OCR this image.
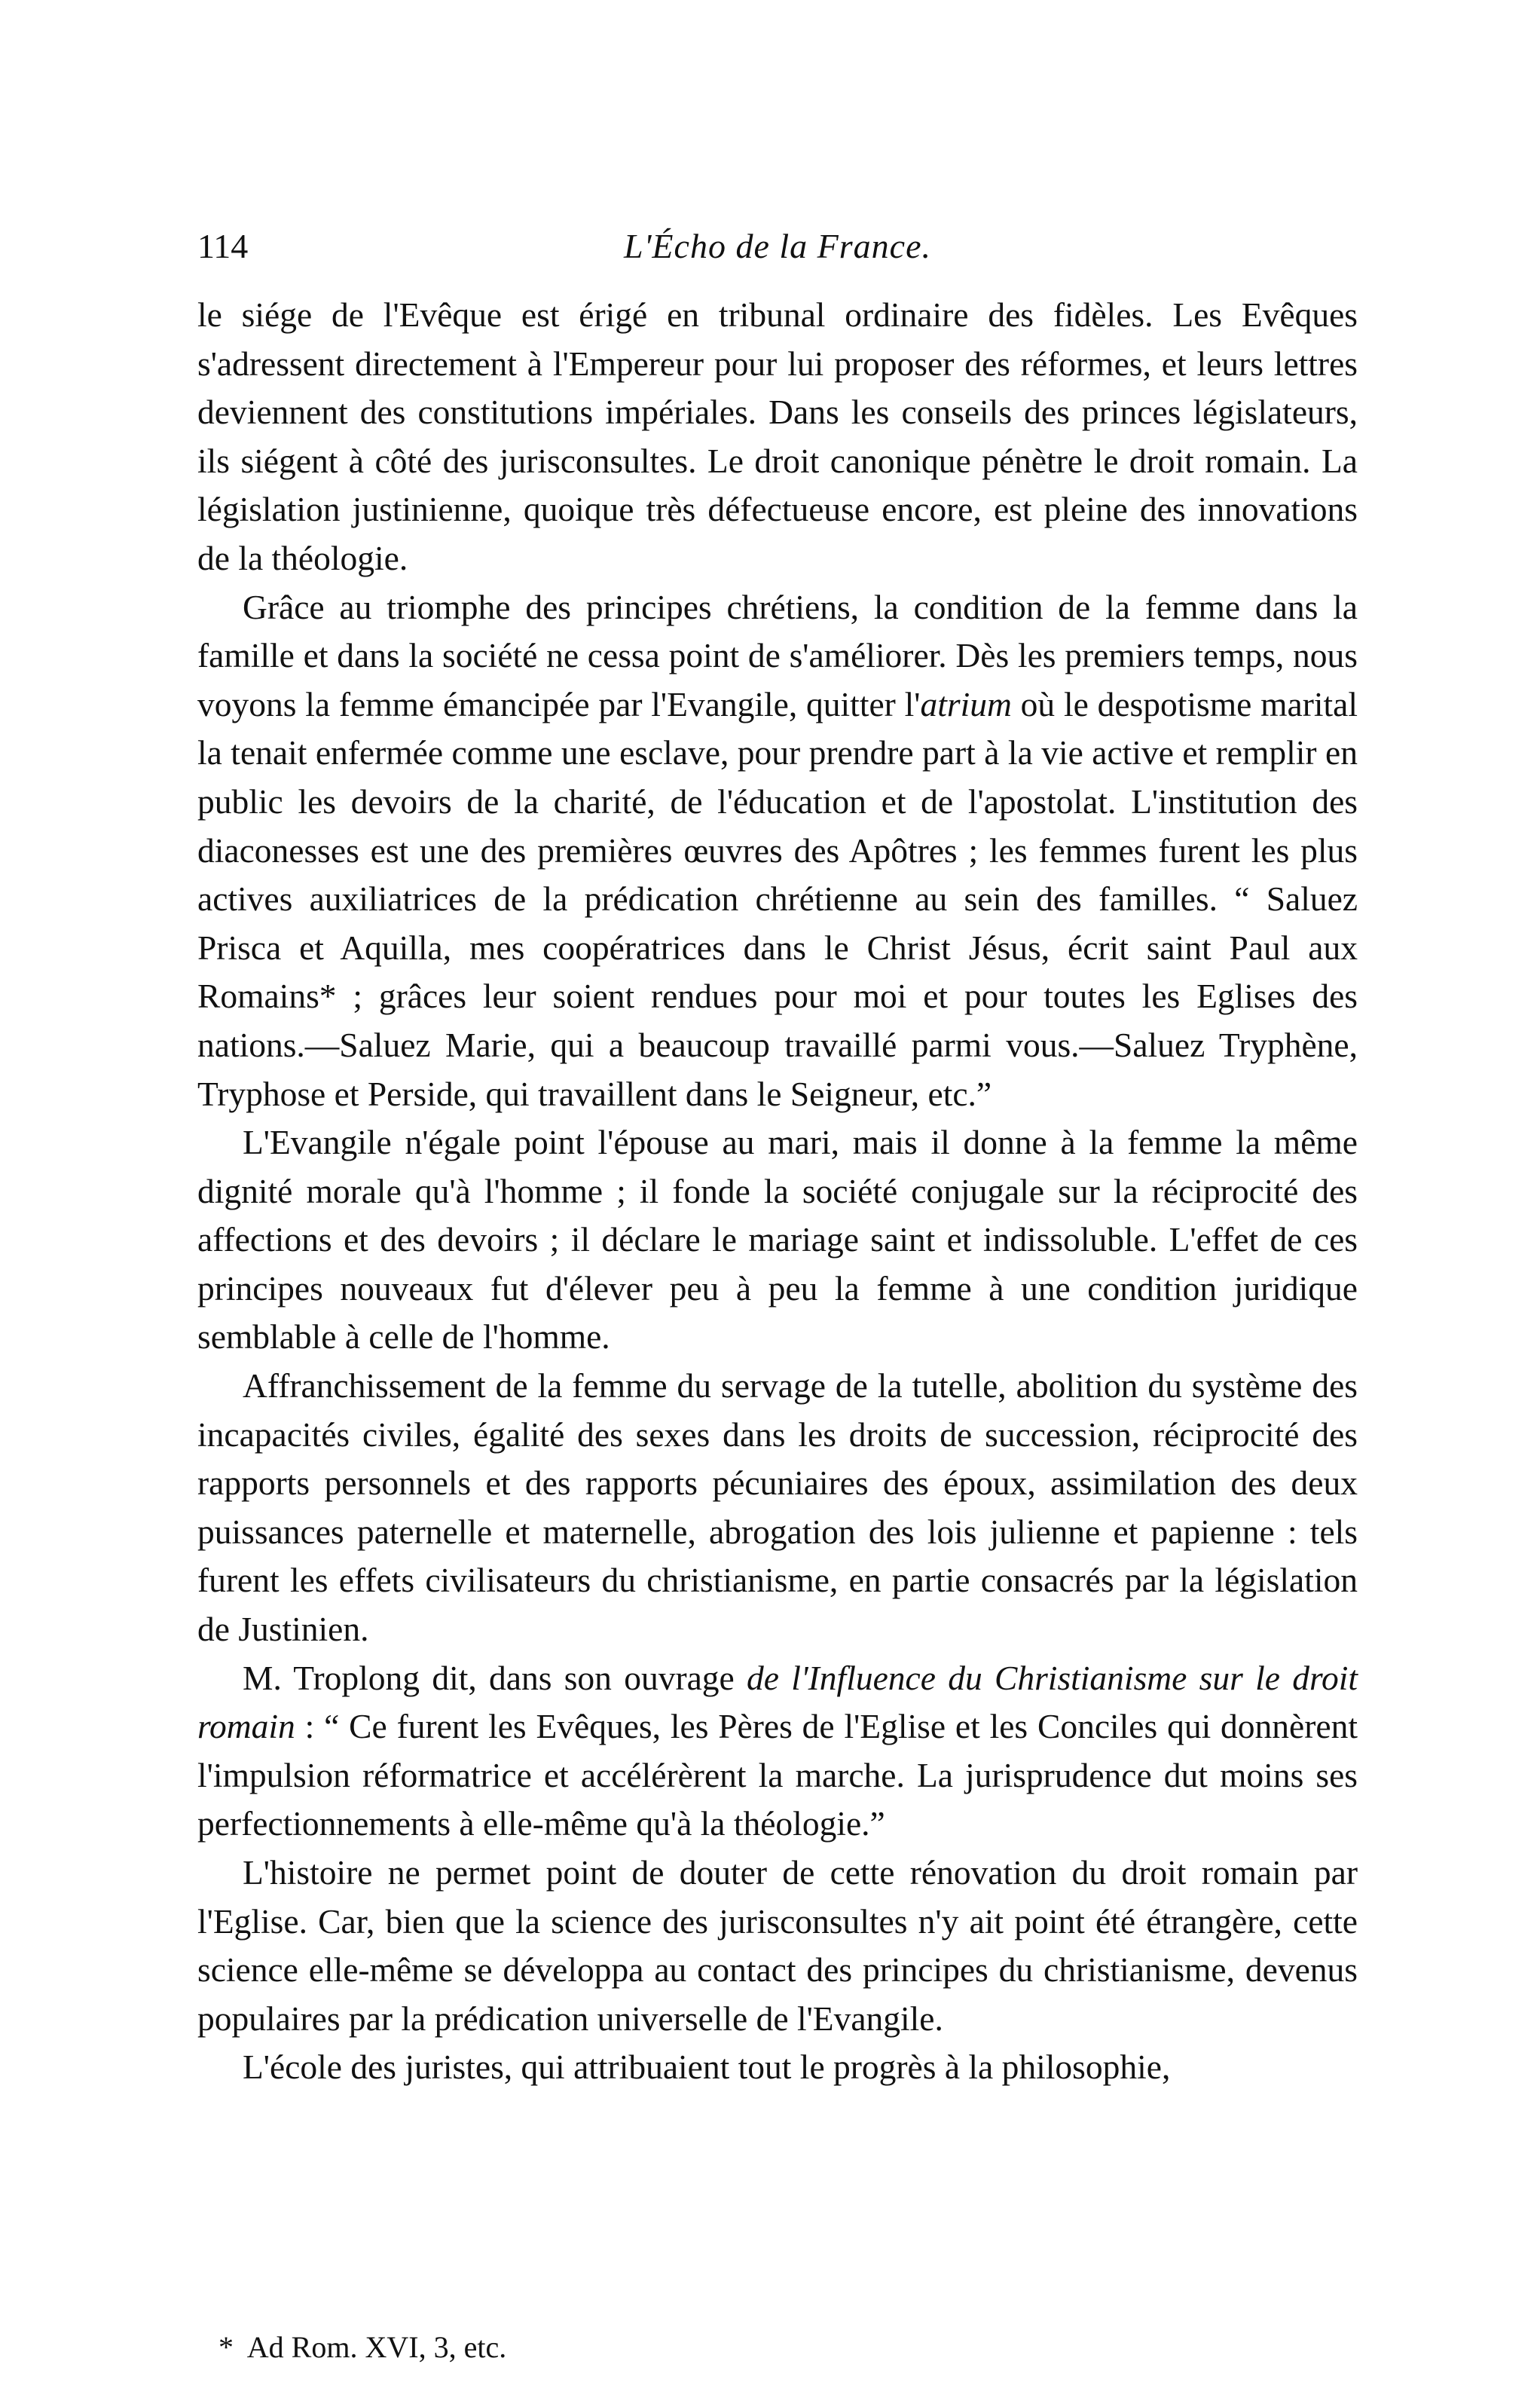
114	L'Écho de la France.

le siége de l'Evêque est érigé en tribunal ordinaire des fidèles. Les Evêques s'adressent directement à l'Empereur pour lui proposer des réformes, et leurs lettres deviennent des constitutions impériales. Dans les conseils des princes législateurs, ils siégent à côté des jurisconsultes. Le droit canonique pénètre le droit romain. La législation justinienne, quoique très défectueuse encore, est pleine des innovations de la théologie.

Grâce au triomphe des principes chrétiens, la condition de la femme dans la famille et dans la société ne cessa point de s'améliorer. Dès les premiers temps, nous voyons la femme émancipée par l'Evangile, quitter l'atrium où le despotisme marital la tenait enfermée comme une esclave, pour prendre part à la vie active et remplir en public les devoirs de la charité, de l'éducation et de l'apostolat. L'institution des diaconesses est une des premières œuvres des Apôtres ; les femmes furent les plus actives auxiliatrices de la prédication chrétienne au sein des familles. “ Saluez Prisca et Aquilla, mes coopératrices dans le Christ Jésus, écrit saint Paul aux Romains* ; grâces leur soient rendues pour moi et pour toutes les Eglises des nations.—Saluez Marie, qui a beaucoup travaillé parmi vous.—Saluez Tryphène, Tryphose et Perside, qui travaillent dans le Seigneur, etc.”

L'Evangile n'égale point l'épouse au mari, mais il donne à la femme la même dignité morale qu'à l'homme ; il fonde la société conjugale sur la réciprocité des affections et des devoirs ; il déclare le mariage saint et indissoluble. L'effet de ces principes nouveaux fut d'élever peu à peu la femme à une condition juridique semblable à celle de l'homme.

Affranchissement de la femme du servage de la tutelle, abolition du système des incapacités civiles, égalité des sexes dans les droits de succession, réciprocité des rapports personnels et des rapports pécuniaires des époux, assimilation des deux puissances paternelle et maternelle, abrogation des lois julienne et papienne : tels furent les effets civilisateurs du christianisme, en partie consacrés par la législation de Justinien.

M. Troplong dit, dans son ouvrage de l'Influence du Christianisme sur le droit romain : “ Ce furent les Evêques, les Pères de l'Eglise et les Conciles qui donnèrent l'impulsion réformatrice et accélérèrent la marche. La jurisprudence dut moins ses perfectionnements à elle-même qu'à la théologie.”

L'histoire ne permet point de douter de cette rénovation du droit romain par l'Eglise. Car, bien que la science des jurisconsultes n'y ait point été étrangère, cette science elle-même se développa au contact des principes du christianisme, devenus populaires par la prédication universelle de l'Evangile.

L'école des juristes, qui attribuaient tout le progrès à la philosophie,

* Ad Rom. XVI, 3, etc.
